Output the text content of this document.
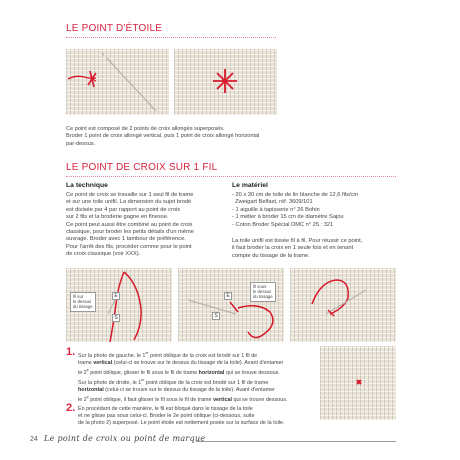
LE POINT D'ÉTOILE
Ce point est composé de 2 points de croix allongés superposés.
Broder 1 point de croix allongé vertical, puis 1 point de croix allongé horizontal
par-dessus.
LE POINT DE CROIX SUR 1 FIL
La technique
Ce point de croix se travaille sur 1 seul fil de trame
et sur une toile unifil. La dimension du sujet brodé
est divisée par 4 par rapport au point de croix
sur 2 fils et la broderie gagne en finesse.
Ce point peut aussi être combiné au point de croix
classique, pour broder les petits détails d'un même
ouvrage. Broder avec 1 tambour de préférence.
Pour l'arrêt des fils, procéder comme pour le point
de croix classique (voir XXX).
Le matériel
- 20 x 30 cm de toile de lin blanche de 12,6 fils/cm
Zweigart Belfast, réf. 3609/101
- 1 aiguille à tapisserie n° 26 Bohin
- 1 métier à broder 15 cm de diamètre Sajou
- Coton Broder Spécial DMC n° 25 : 321
La toile unifil est tissée fil à fil. Pour réussir ce point,
il faut broder la croix en 1 seule fois et en tenant
compte du tissage de la trame.
fil sur
le dessus
du tissage
E
S
E
S
fil sous
le dessus
du tissage
1. Sur la photo de gauche, le 1er point oblique de la croix est brodé sur 1 fil de
trame vertical (celui-ci se trouve sur le dessus du tissage de la toile). Avant d'entamer
le 2e point oblique, glisser le fil sous le fil de trame horizontal qui se trouve dessous.
Sur la photo de droite, le 1er point oblique de la croix est brodé sur 1 fil de trame
horizontal (celui-ci se trouve sur le dessus du tissage de la toile). Avant d'entamer
le 2e point oblique, il faut glisser le fil sous le fil de trame vertical qui se trouve dessous.
2. En procédant de cette manière, le fil est bloqué dans le tissage de la toile
et ne glisse pas sous celui-ci. Broder le 2e point oblique (ci-dessous, suite
de la photo 2) superposé. Le point étoile est nettement posée sur la surface de la toile.
24 Le point de croix ou point de marque
